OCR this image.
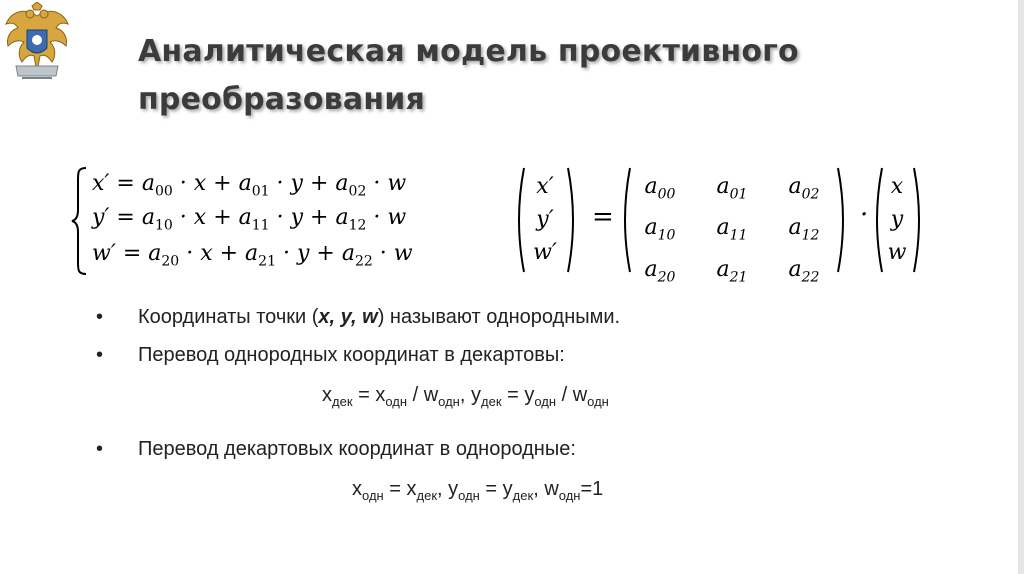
Аналитическая модель проективного
преобразования
$x' = a_{00} \cdot x + a_{01} \cdot y + a_{02} \cdot w$
$y' = a_{10} \cdot x + a_{11} \cdot y + a_{12} \cdot w$
$w' = a_{20} \cdot x + a_{21} \cdot y + a_{22} \cdot w$
x′
y′
w′
=
$a_{00}$
$a_{10}$
$a_{20}$
$a_{01}$
$a_{11}$
$a_{21}$
$a_{02}$
$a_{12}$
$a_{22}$
·
x
y
w
• Координаты точки (x, y, w) называют однородными.
• Перевод однородных координат в декартовы:
$x_{дек} = x_{одн} / w_{одн}$, $y_{дек} = y_{одн} / w_{одн}$
• Перевод декартовых координат в однородные:
$x_{одн} = x_{дек}$, $y_{одн} = y_{дек}$, $w_{одн}=1$
